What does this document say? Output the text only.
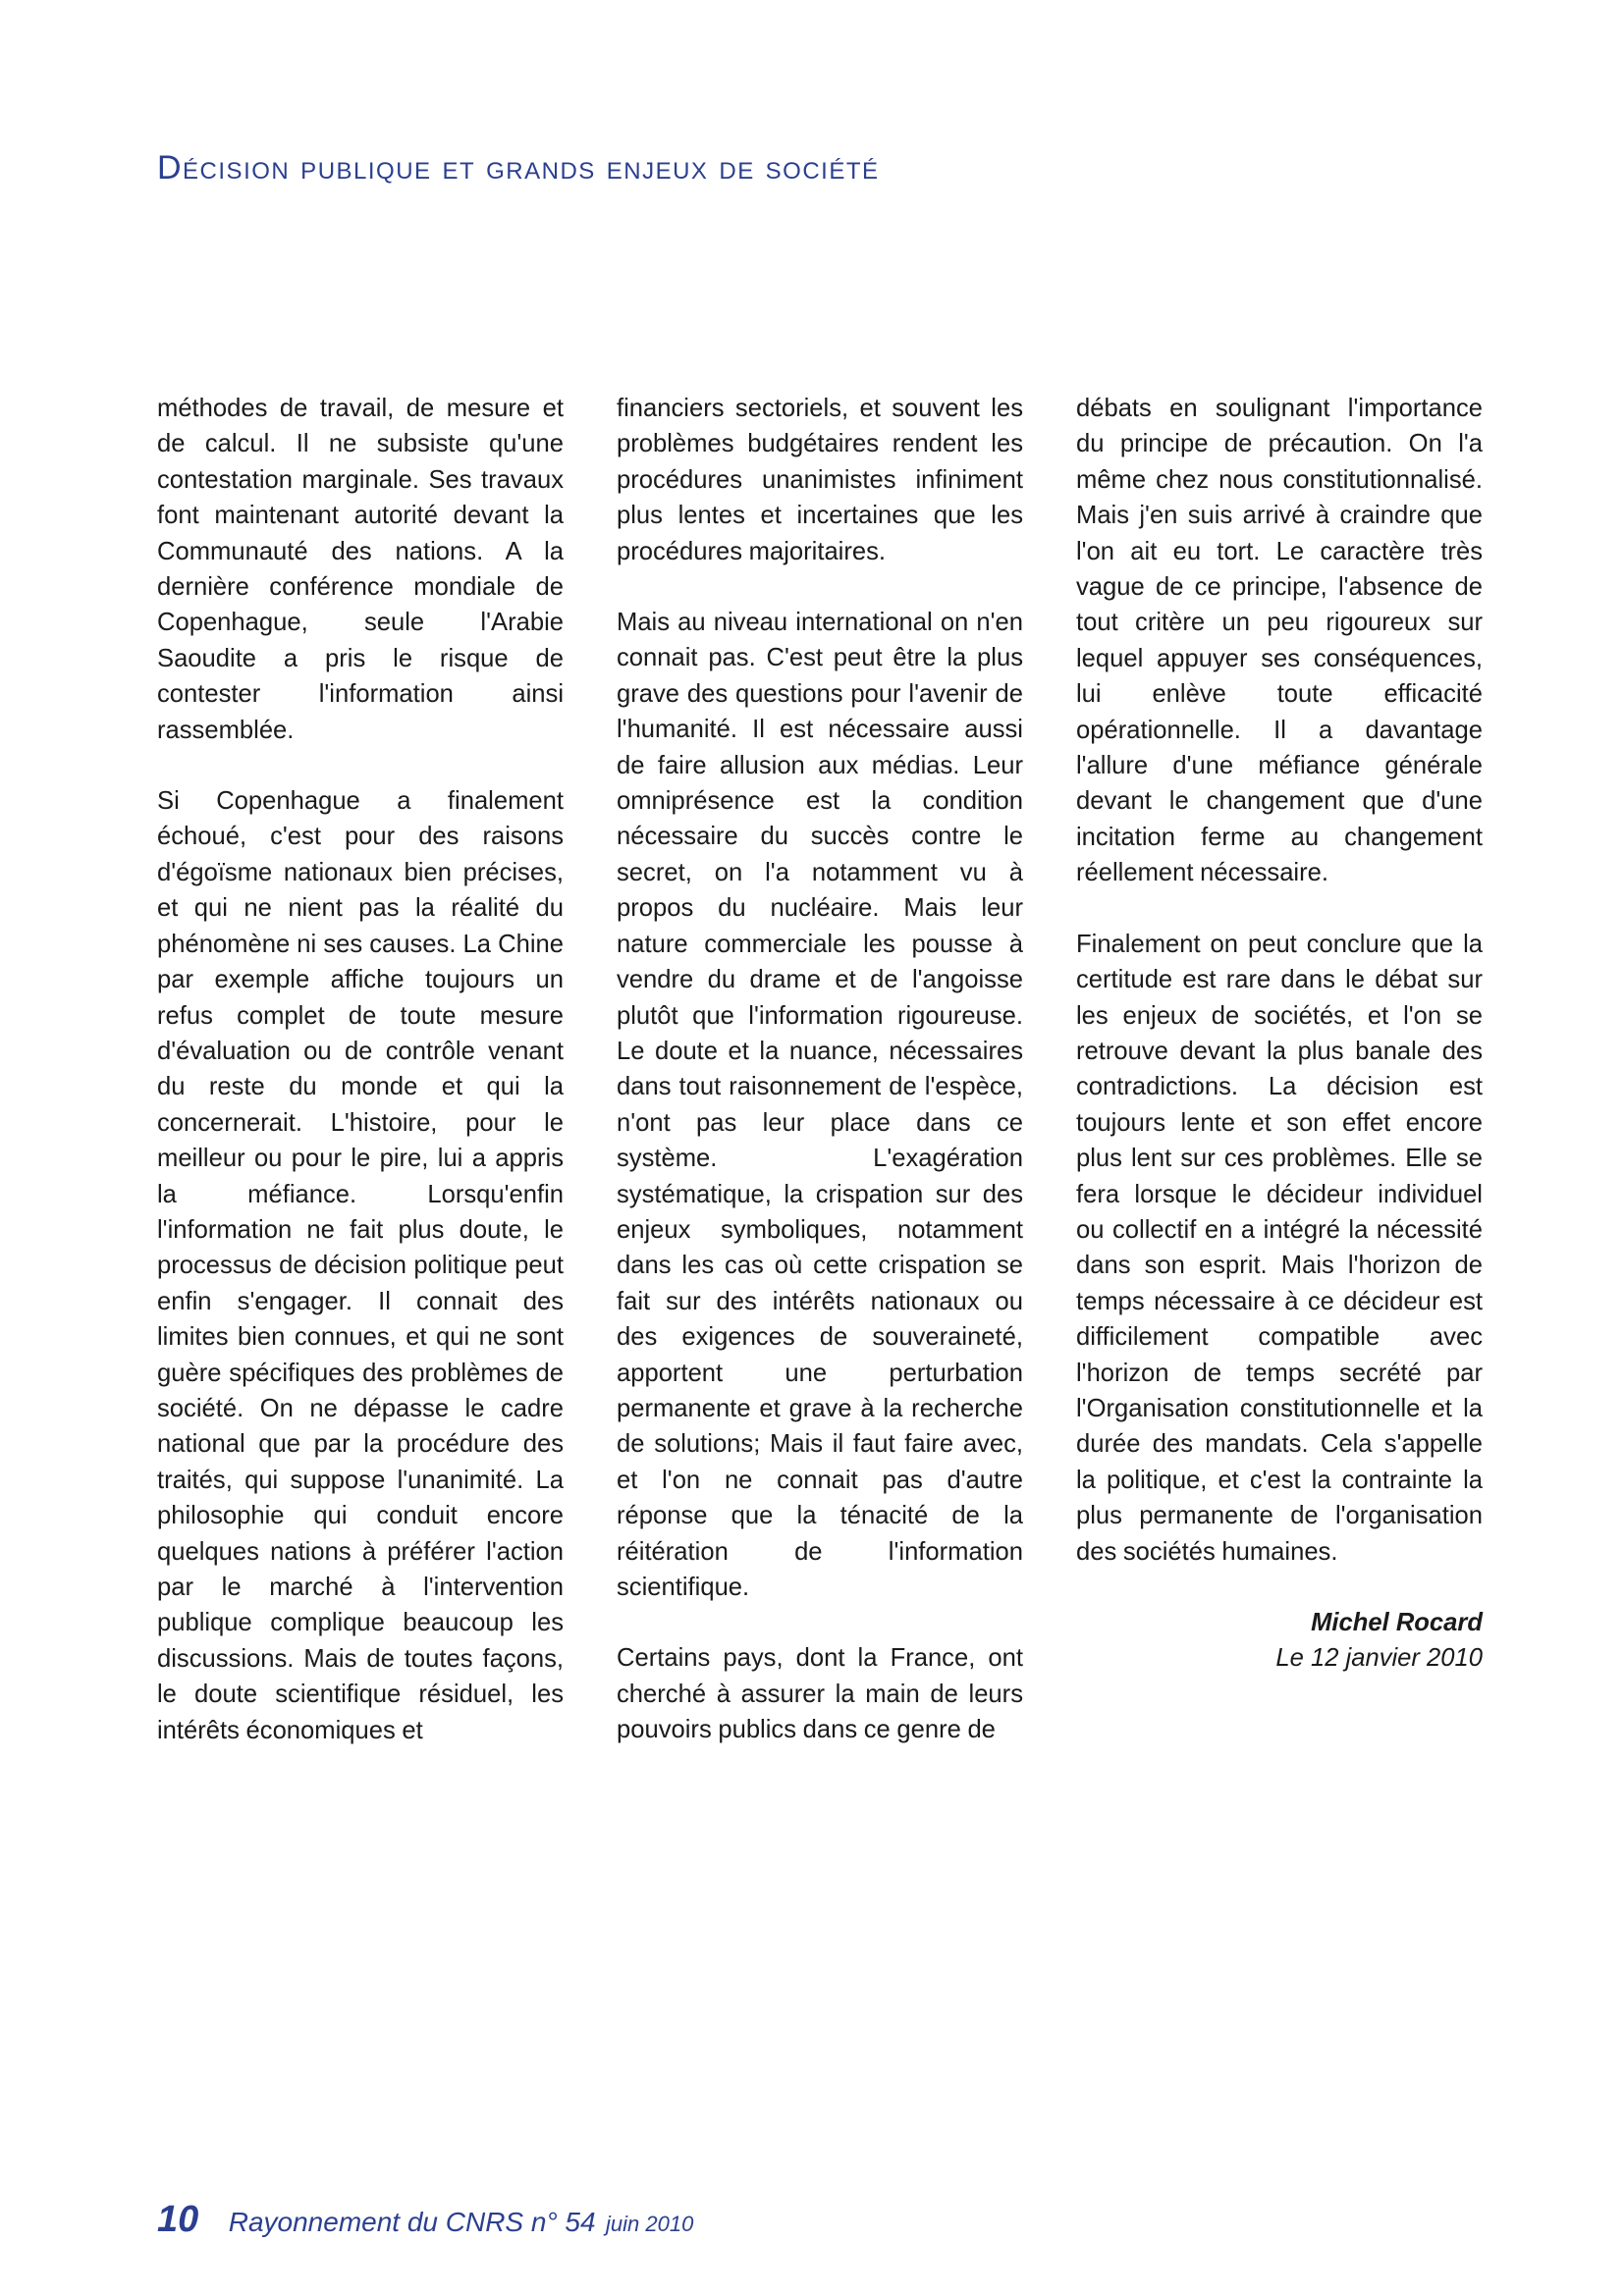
Décision publique et grands enjeux de société

méthodes de travail, de mesure et de calcul. Il ne subsiste qu'une contestation marginale. Ses travaux font maintenant autorité devant la Communauté des nations. A la dernière conférence mondiale de Copenhague, seule l'Arabie Saoudite a pris le risque de contester l'information ainsi rassemblée.

Si Copenhague a finalement échoué, c'est pour des raisons d'égoïsme nationaux bien précises, et qui ne nient pas la réalité du phénomène ni ses causes. La Chine par exemple affiche toujours un refus complet de toute mesure d'évaluation ou de contrôle venant du reste du monde et qui la concernerait. L'histoire, pour le meilleur ou pour le pire, lui a appris la méfiance. Lorsqu'enfin l'information ne fait plus doute, le processus de décision politique peut enfin s'engager. Il connait des limites bien connues, et qui ne sont guère spécifiques des problèmes de société. On ne dépasse le cadre national que par la procédure des traités, qui suppose l'unanimité. La philosophie qui conduit encore quelques nations à préférer l'action par le marché à l'intervention publique complique beaucoup les discussions. Mais de toutes façons, le doute scientifique résiduel, les intérêts économiques et

financiers sectoriels, et souvent les problèmes budgétaires rendent les procédures unanimistes infiniment plus lentes et incertaines que les procédures majoritaires.

Mais au niveau international on n'en connait pas. C'est peut être la plus grave des questions pour l'avenir de l'humanité. Il est nécessaire aussi de faire allusion aux médias. Leur omniprésence est la condition nécessaire du succès contre le secret, on l'a notamment vu à propos du nucléaire. Mais leur nature commerciale les pousse à vendre du drame et de l'angoisse plutôt que l'information rigoureuse. Le doute et la nuance, nécessaires dans tout raisonnement de l'espèce, n'ont pas leur place dans ce système. L'exagération systématique, la crispation sur des enjeux symboliques, notamment dans les cas où cette crispation se fait sur des intérêts nationaux ou des exigences de souveraineté, apportent une perturbation permanente et grave à la recherche de solutions; Mais il faut faire avec, et l'on ne connait pas d'autre réponse que la ténacité de la réitération de l'information scientifique.

Certains pays, dont la France, ont cherché à assurer la main de leurs pouvoirs publics dans ce genre de

débats en soulignant l'importance du principe de précaution. On l'a même chez nous constitutionnalisé. Mais j'en suis arrivé à craindre que l'on ait eu tort. Le caractère très vague de ce principe, l'absence de tout critère un peu rigoureux sur lequel appuyer ses conséquences, lui enlève toute efficacité opérationnelle. Il a davantage l'allure d'une méfiance générale devant le changement que d'une incitation ferme au changement réellement nécessaire.

Finalement on peut conclure que la certitude est rare dans le débat sur les enjeux de sociétés, et l'on se retrouve devant la plus banale des contradictions. La décision est toujours lente et son effet encore plus lent sur ces problèmes. Elle se fera lorsque le décideur individuel ou collectif en a intégré la nécessité dans son esprit. Mais l'horizon de temps nécessaire à ce décideur est difficilement compatible avec l'horizon de temps secrété par l'Organisation constitutionnelle et la durée des mandats. Cela s'appelle la politique, et c'est la contrainte la plus permanente de l'organisation des sociétés humaines.

Michel Rocard
Le 12 janvier 2010
10 Rayonnement du CNRS n° 54 juin 2010
